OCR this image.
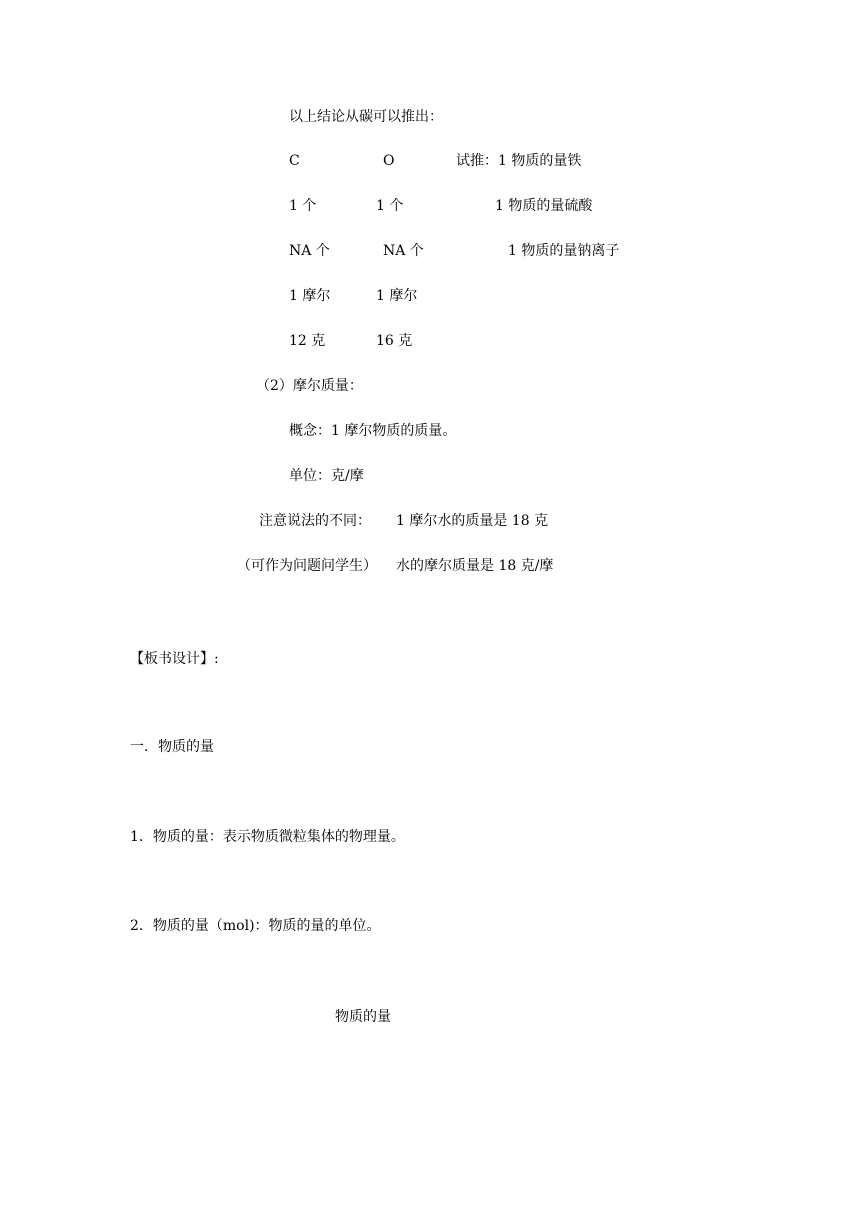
以上结论从碳可以推出：
C	O	试推：1 物质的量铁
1 个	1 个	1 物质的量硫酸
NA 个	NA 个	1 物质的量钠离子
1 摩尔	1 摩尔
12 克	16 克
（2）摩尔质量：
概念：1 摩尔物质的质量。
单位：克/摩
注意说法的不同： 1 摩尔水的质量是 18 克
（可作为问题问学生） 水的摩尔质量是 18 克/摩
【板书设计】:
一．物质的量
1．物质的量：表示物质微粒集体的物理量。
2．物质的量（mol)：物质的量的单位。
物质的量
